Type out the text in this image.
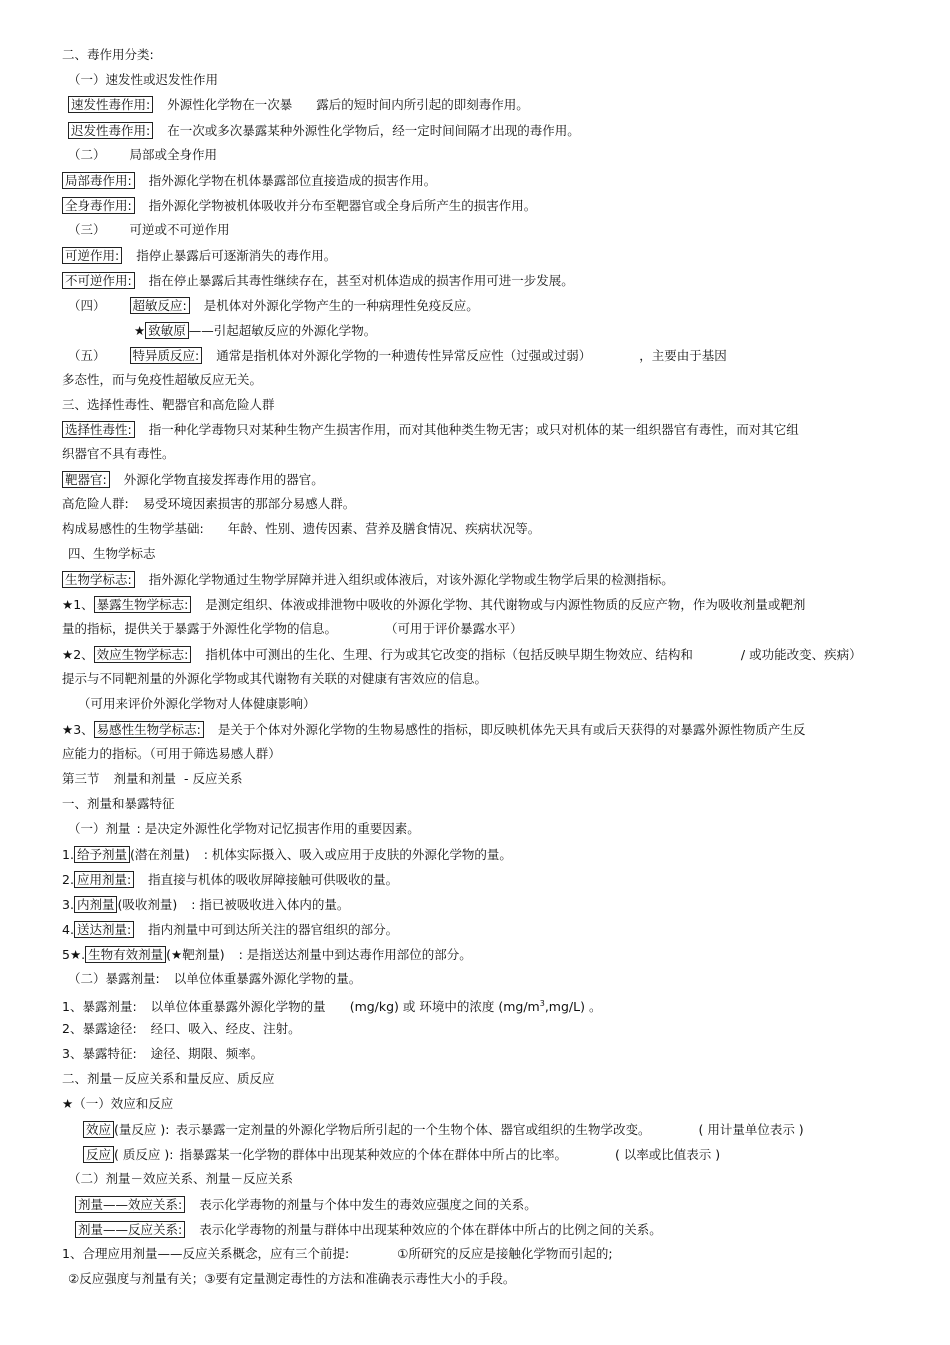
二、毒作用分类:
（一）速发性或迟发性作用
速发性毒作用: 外源性化学物在一次暴 露后的短时间内所引起的即刻毒作用。
迟发性毒作用: 在一次或多次暴露某种外源性化学物后，经一定时间间隔才出现的毒作用。
（二） 局部或全身作用
局部毒作用: 指外源化学物在机体暴露部位直接造成的损害作用。
全身毒作用: 指外源化学物被机体吸收并分布至靶器官或全身后所产生的损害作用。
（三） 可逆或不可逆作用
可逆作用: 指停止暴露后可逐渐消失的毒作用。
不可逆作用: 指在停止暴露后其毒性继续存在，甚至对机体造成的损害作用可进一步发展。
（四） 超敏反应: 是机体对外源化学物产生的一种病理性免疫反应。
★ 致敏原 ——引起超敏反应的外源化学物。
（五） 特异质反应: 通常是指机体对外源化学物的一种遗传性异常反应性（过强或过弱）	，主要由于基因
多态性，而与免疫性超敏反应无关。
三、选择性毒性、靶器官和高危险人群
选择性毒性: 指一种化学毒物只对某种生物产生损害作用，而对其他种类生物无害；或只对机体的某一组织器官有毒性，而对其它组
织器官不具有毒性。
靶器官: 外源化学物直接发挥毒作用的器官。
高危险人群: 易受环境因素损害的那部分易感人群。
构成易感性的生物学基础: 年龄、性别、遗传因素、营养及膳食情况、疾病状况等。
四、生物学标志
生物学标志: 指外源化学物通过生物学屏障并进入组织或体液后，对该外源化学物或生物学后果的检测指标。
★1、 暴露生物学标志: 是测定组织、体液或排泄物中吸收的外源化学物、其代谢物或与内源性物质的反应产物，作为吸收剂量或靶剂
量的指标，提供关于暴露于外源性化学物的信息。	（可用于评价暴露水平）
★2、 效应生物学标志: 指机体中可测出的生化、生理、行为或其它改变的指标（包括反映早期生物效应、结构和	/ 或功能改变、疾病）
提示与不同靶剂量的外源化学物或其代谢物有关联的对健康有害效应的信息。
（可用来评价外源化学物对人体健康影响）
★3、 易感性生物学标志: 是关于个体对外源化学物的生物易感性的指标，即反映机体先天具有或后天获得的对暴露外源性物质产生反
应能力的指标。（可用于筛选易感人群）
第三节 剂量和剂量 - 反应关系
一、剂量和暴露特征
（一）剂量 : 是决定外源性化学物对记忆损害作用的重要因素。
1. 给予剂量 (潜在剂量) : 机体实际摄入、吸入或应用于皮肤的外源化学物的量。
2. 应用剂量: 指直接与机体的吸收屏障接触可供吸收的量。
3. 内剂量 (吸收剂量) : 指已被吸收进入体内的量。
4. 送达剂量: 指内剂量中可到达所关注的器官组织的部分。
5★. 生物有效剂量 (★靶剂量) : 是指送达剂量中到达毒作用部位的部分。
（二）暴露剂量: 以单位体重暴露外源化学物的量。
1、暴露剂量: 以单位体重暴露外源化学物的量 (mg/kg) 或 环境中的浓度 $(mg/m^3,mg/L)$ 。
2、暴露途径: 经口、吸入、经皮、注射。
3、暴露特征: 途径、期限、频率。
二、剂量－反应关系和量反应、质反应
★（一）效应和反应
效应 (量反应 ): 表示暴露一定剂量的外源化学物后所引起的一个生物个体、器官或组织的生物学改变。	( 用计量单位表示 )
反应 ( 质反应 ): 指暴露某一化学物的群体中出现某种效应的个体在群体中所占的比率。	( 以率或比值表示 )
（二）剂量－效应关系、剂量－反应关系
剂量——效应关系: 表示化学毒物的剂量与个体中发生的毒效应强度之间的关系。
剂量——反应关系: 表示化学毒物的剂量与群体中出现某种效应的个体在群体中所占的比例之间的关系。
1、合理应用剂量——反应关系概念，应有三个前提:	①所研究的反应是接触化学物而引起的;
②反应强度与剂量有关；③要有定量测定毒性的方法和准确表示毒性大小的手段。
